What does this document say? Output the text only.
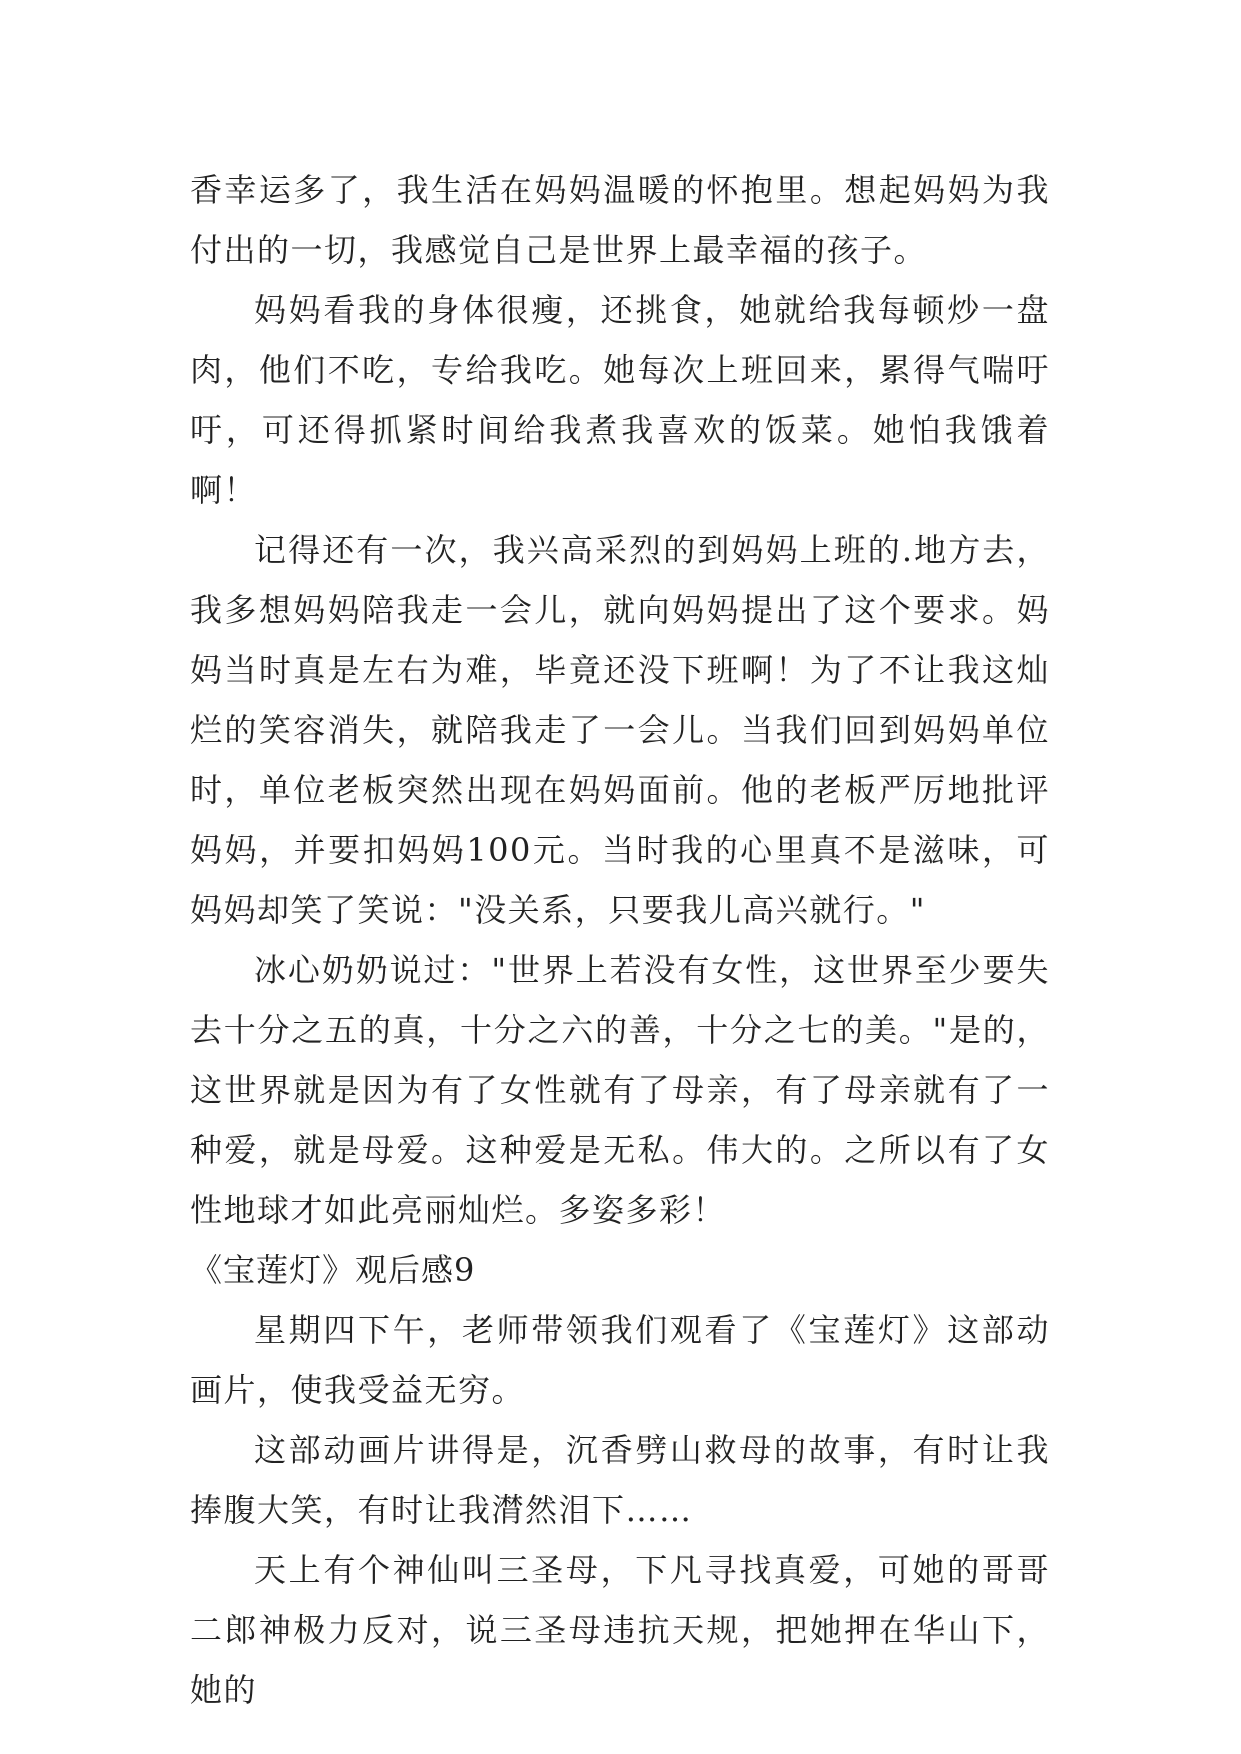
香幸运多了，我生活在妈妈温暖的怀抱里。想起妈妈为我付出的一切，我感觉自己是世界上最幸福的孩子。

妈妈看我的身体很瘦，还挑食，她就给我每顿炒一盘肉，他们不吃，专给我吃。她每次上班回来，累得气喘吁吁，可还得抓紧时间给我煮我喜欢的饭菜。她怕我饿着啊！

记得还有一次，我兴高采烈的到妈妈上班的.地方去，我多想妈妈陪我走一会儿，就向妈妈提出了这个要求。妈妈当时真是左右为难，毕竟还没下班啊！为了不让我这灿烂的笑容消失，就陪我走了一会儿。当我们回到妈妈单位时，单位老板突然出现在妈妈面前。他的老板严厉地批评妈妈，并要扣妈妈100元。当时我的心里真不是滋味，可妈妈却笑了笑说："没关系，只要我儿高兴就行。"

冰心奶奶说过："世界上若没有女性，这世界至少要失去十分之五的真，十分之六的善，十分之七的美。"是的，这世界就是因为有了女性就有了母亲，有了母亲就有了一种爱，就是母爱。这种爱是无私。伟大的。之所以有了女性地球才如此亮丽灿烂。多姿多彩！

《宝莲灯》观后感9

星期四下午，老师带领我们观看了《宝莲灯》这部动画片，使我受益无穷。

这部动画片讲得是，沉香劈山救母的故事，有时让我捧腹大笑，有时让我潸然泪下……

天上有个神仙叫三圣母，下凡寻找真爱，可她的哥哥二郎神极力反对，说三圣母违抗天规，把她押在华山下，她的
